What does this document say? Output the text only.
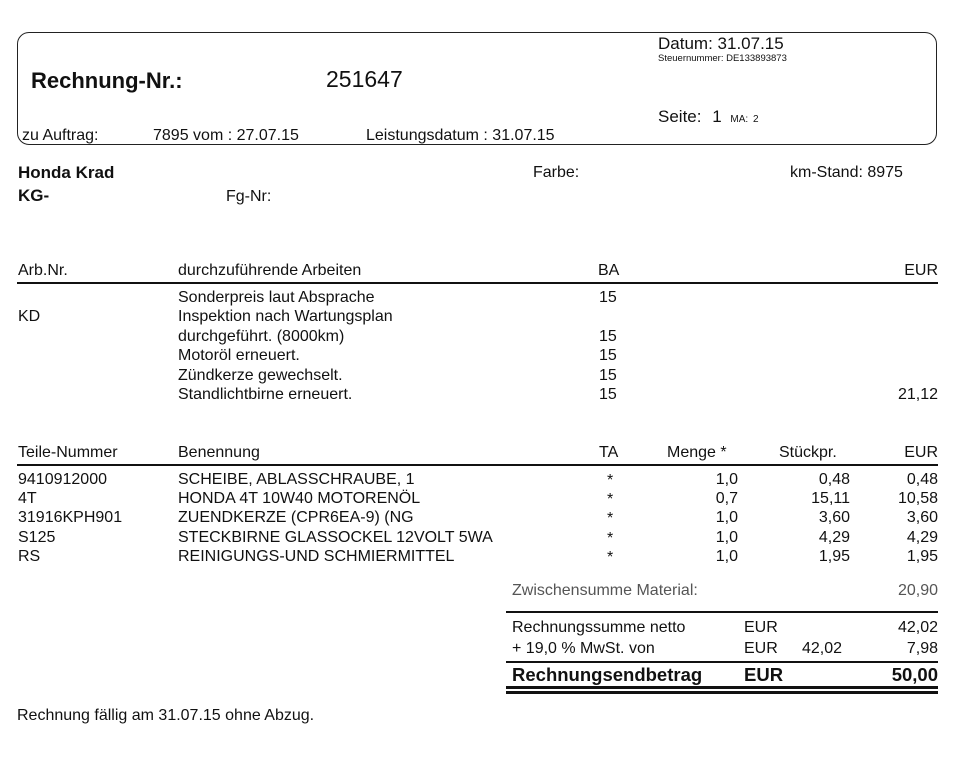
Rechnung-Nr.:	251647
Datum: 31.07.15
Steuernummer: DE133893873
Seite: 1 MA: 2
zu Auftrag:	7895 vom : 27.07.15	Leistungsdatum : 31.07.15
Honda Krad
KG-	Fg-Nr:
Farbe:	km-Stand: 8975
Arb.Nr.	durchzuführende Arbeiten	BA	EUR
Sonderpreis laut Absprache	15
KD	Inspektion nach Wartungsplan
durchgeführt. (8000km)	15
Motoröl erneuert.	15
Zündkerze gewechselt.	15
Standlichtbirne erneuert.	15	21,12
Teile-Nummer	Benennung	TA	Menge *	Stückpr.	EUR
9410912000	SCHEIBE, ABLASSCHRAUBE, 1	*	1,0	0,48	0,48
4T	HONDA 4T 10W40 MOTORENÖL	*	0,7	15,11	10,58
31916KPH901	ZUENDKERZE (CPR6EA-9) (NG	*	1,0	3,60	3,60
S125	STECKBIRNE GLASSOCKEL 12VOLT 5WA	*	1,0	4,29	4,29
RS	REINIGUNGS-UND SCHMIERMITTEL	*	1,0	1,95	1,95
Zwischensumme Material:	20,90
Rechnungssumme netto	EUR	42,02
+ 19,0 % MwSt. von	EUR 42,02	7,98
Rechnungsendbetrag EUR	50,00
Rechnung fällig am 31.07.15 ohne Abzug.
